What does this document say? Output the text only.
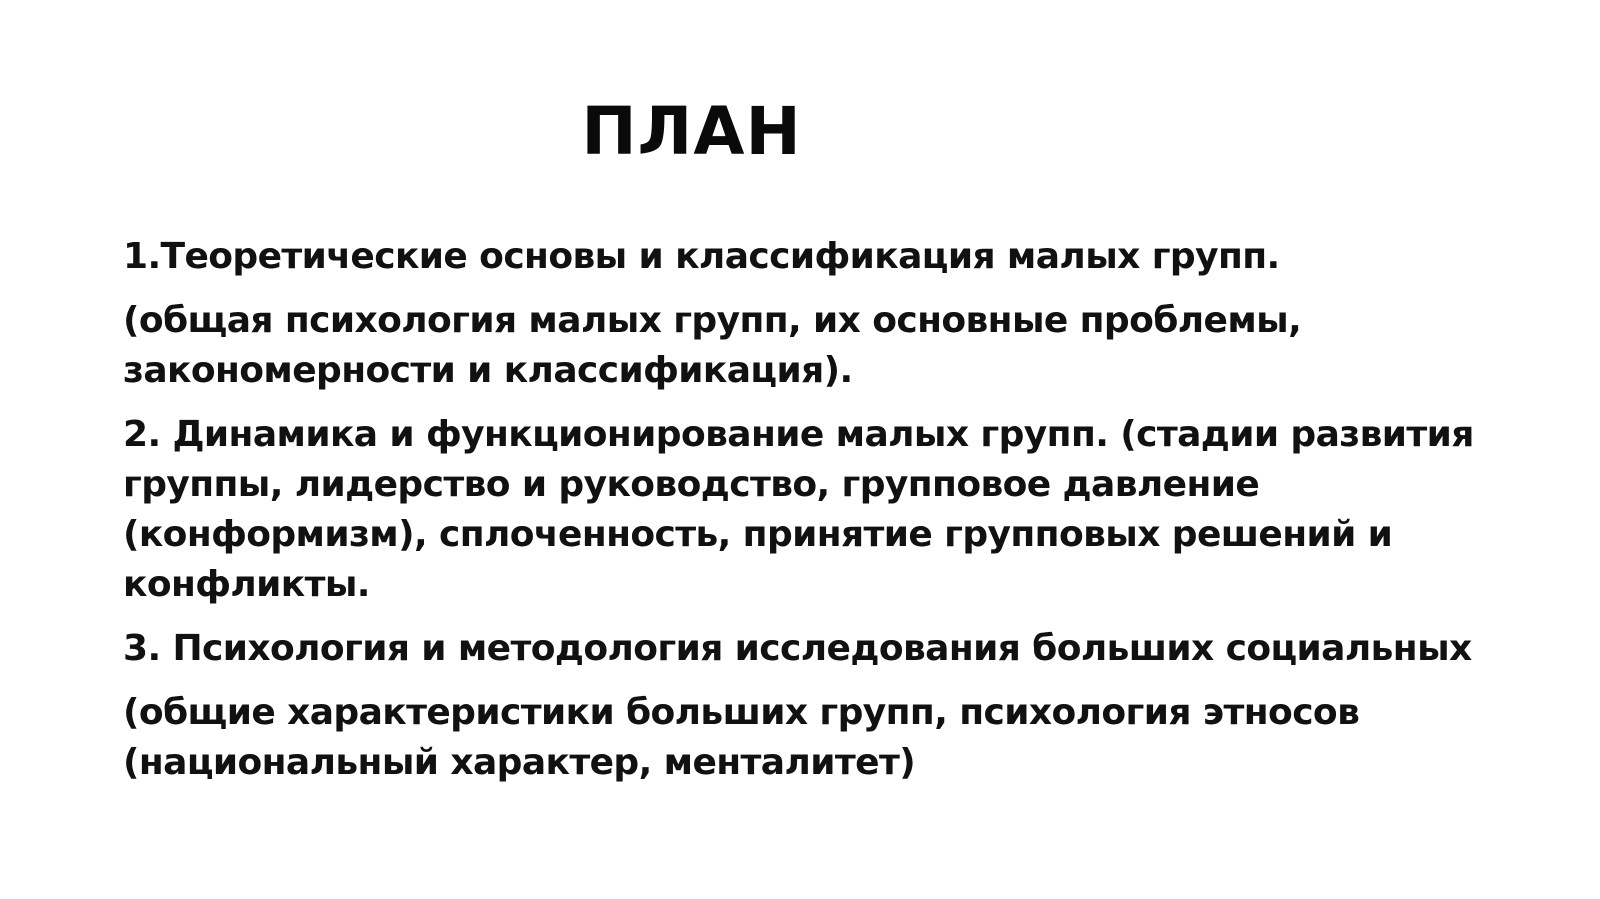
ПЛАН

1.Теоретические основы и классификация малых групп.

(общая психология малых групп, их основные проблемы,
закономерности и классификация).

2. Динамика и функционирование малых групп. (стадии развития
группы, лидерство и руководство, групповое давление
(конформизм), сплоченность, принятие групповых решений и
конфликты.

3. Психология и методология исследования больших социальных

(общие характеристики больших групп, психология этносов
(национальный характер, менталитет)
